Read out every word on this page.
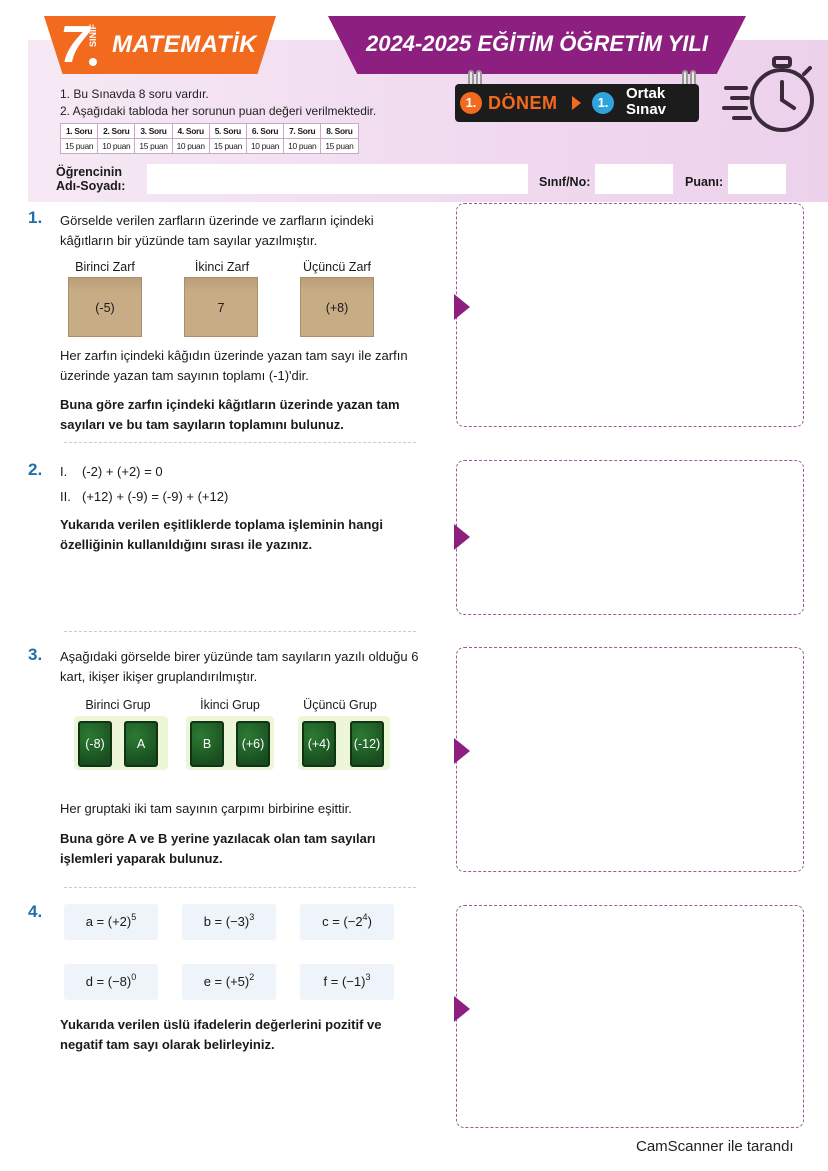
7 SINIF MATEMATİK	2024-2025 EĞİTİM ÖĞRETİM YILI
1. Bu Sınavda 8 soru vardır.
2. Aşağıdaki tabloda her sorunun puan değeri verilmektedir.
1. Soru	2. Soru	3. Soru	4. Soru	5. Soru	6. Soru	7. Soru	8. Soru
15 puan	10 puan	15 puan	10 puan	15 puan	10 puan	10 puan	15 puan
1. DÖNEM	1.
Ortak
Sınav
Öğrencinin
Adı-Soyadı:	Sınıf/No:	Puanı:
1. Görselde verilen zarfların üzerinde ve zarfların içindeki kâğıtların bir yüzünde tam sayılar yazılmıştır.
Birinci Zarf	İkinci Zarf	Üçüncü Zarf
(-5)	7	(+8)
Her zarfın içindeki kâğıdın üzerinde yazan tam sayı ile zarfın üzerinde yazan tam sayının toplamı (-1)'dir.
Buna göre zarfın içindeki kâğıtların üzerinde yazan tam sayıları ve bu tam sayıların toplamını bulunuz.
2. I.	(-2) + (+2) = 0
II. (+12) + (-9) = (-9) + (+12)
Yukarıda verilen eşitliklerde toplama işleminin hangi özelliğinin kullanıldığını sırası ile yazınız.
3. Aşağıdaki görselde birer yüzünde tam sayıların yazılı olduğu 6 kart, ikişer ikişer gruplandırılmıştır.
Birinci Grup	İkinci Grup	Üçüncü Grup
(-8)	A	B	(+6)	(+4)	(-12)
Her gruptaki iki tam sayının çarpımı birbirine eşittir.
Buna göre A ve B yerine yazılacak olan tam sayıları işlemleri yaparak bulunuz.
4.
$a = (+2)^5$	$b = (-3)^3$	$c = (-2^4)$
$d = (-8)^0$	$e = (+5)^2$	$f = (-1)^3$
Yukarıda verilen üslü ifadelerin değerlerini pozitif ve negatif tam sayı olarak belirleyiniz.
CamScanner ile tarandı
